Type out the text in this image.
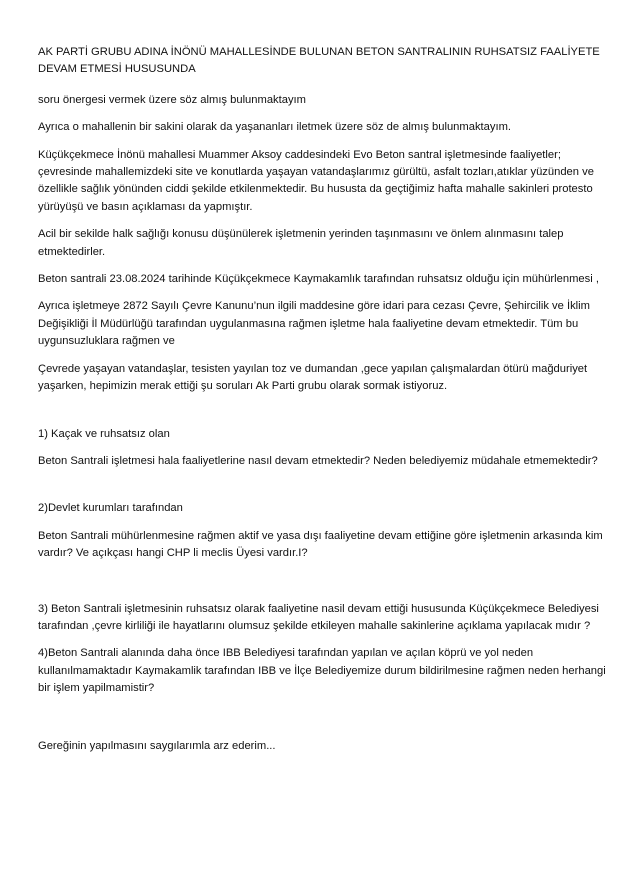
AK PARTİ GRUBU ADINA İNÖNÜ MAHALLESİNDE BULUNAN BETON SANTRALININ RUHSATSIZ FAALİYETE DEVAM ETMESİ HUSUSUNDA

soru önergesi vermek üzere söz almış bulunmaktayım

Ayrıca o mahallenin bir sakini olarak da yaşananları iletmek üzere söz de almış bulunmaktayım.

Küçükçekmece İnönü mahallesi Muammer Aksoy caddesindeki Evo Beton santral işletmesinde faaliyetler; çevresinde mahallemizdeki site ve konutlarda yaşayan vatandaşlarımız gürültü, asfalt tozları,atıklar yüzünden ve özellikle sağlık yönünden ciddi şekilde etkilenmektedir. Bu hususta da geçtiğimiz hafta mahalle sakinleri protesto yürüyüşü ve basın açıklaması da yapmıştır.

Acil bir sekilde halk sağlığı konusu düşünülerek işletmenin yerinden taşınmasını ve önlem alınmasını talep etmektedirler.

Beton santrali 23.08.2024 tarihinde Küçükçekmece Kaymakamlık tarafından ruhsatsız olduğu için mühürlenmesi ,

Ayrıca işletmeye 2872 Sayılı Çevre Kanunu’nun ilgili maddesine göre idari para cezası Çevre, Şehircilik ve İklim Değişikliği İl Müdürlüğü tarafından uygulanmasına rağmen işletme hala faaliyetine devam etmektedir. Tüm bu uygunsuzluklara rağmen ve

Çevrede yaşayan vatandaşlar, tesisten yayılan toz ve dumandan ,gece yapılan çalışmalardan ötürü mağduriyet yaşarken, hepimizin merak ettiği şu soruları Ak Parti grubu olarak sormak istiyoruz.

1) Kaçak ve ruhsatsız olan

Beton Santrali işletmesi hala faaliyetlerine nasıl devam etmektedir? Neden belediyemiz müdahale etmemektedir?

2)Devlet kurumları tarafından

Beton Santrali mühürlenmesine rağmen aktif ve yasa dışı faaliyetine devam ettiğine göre işletmenin arkasında kim vardır? Ve açıkçası hangi CHP li meclis Üyesi vardır.I?

3) Beton Santrali işletmesinin ruhsatsız olarak faaliyetine nasil devam ettiği hususunda Küçükçekmece Belediyesi tarafından ,çevre kirliliği ile hayatlarını olumsuz şekilde etkileyen mahalle sakinlerine açıklama yapılacak mıdır ?

4)Beton Santrali alanında daha önce IBB Belediyesi tarafından yapılan ve açılan köprü ve yol neden kullanılmamaktadır Kaymakamlik tarafından IBB ve İlçe Belediyemize durum bildirilmesine rağmen neden herhangi bir işlem yapilmamistir?

Gereğinin yapılmasını saygılarımla arz ederim...
